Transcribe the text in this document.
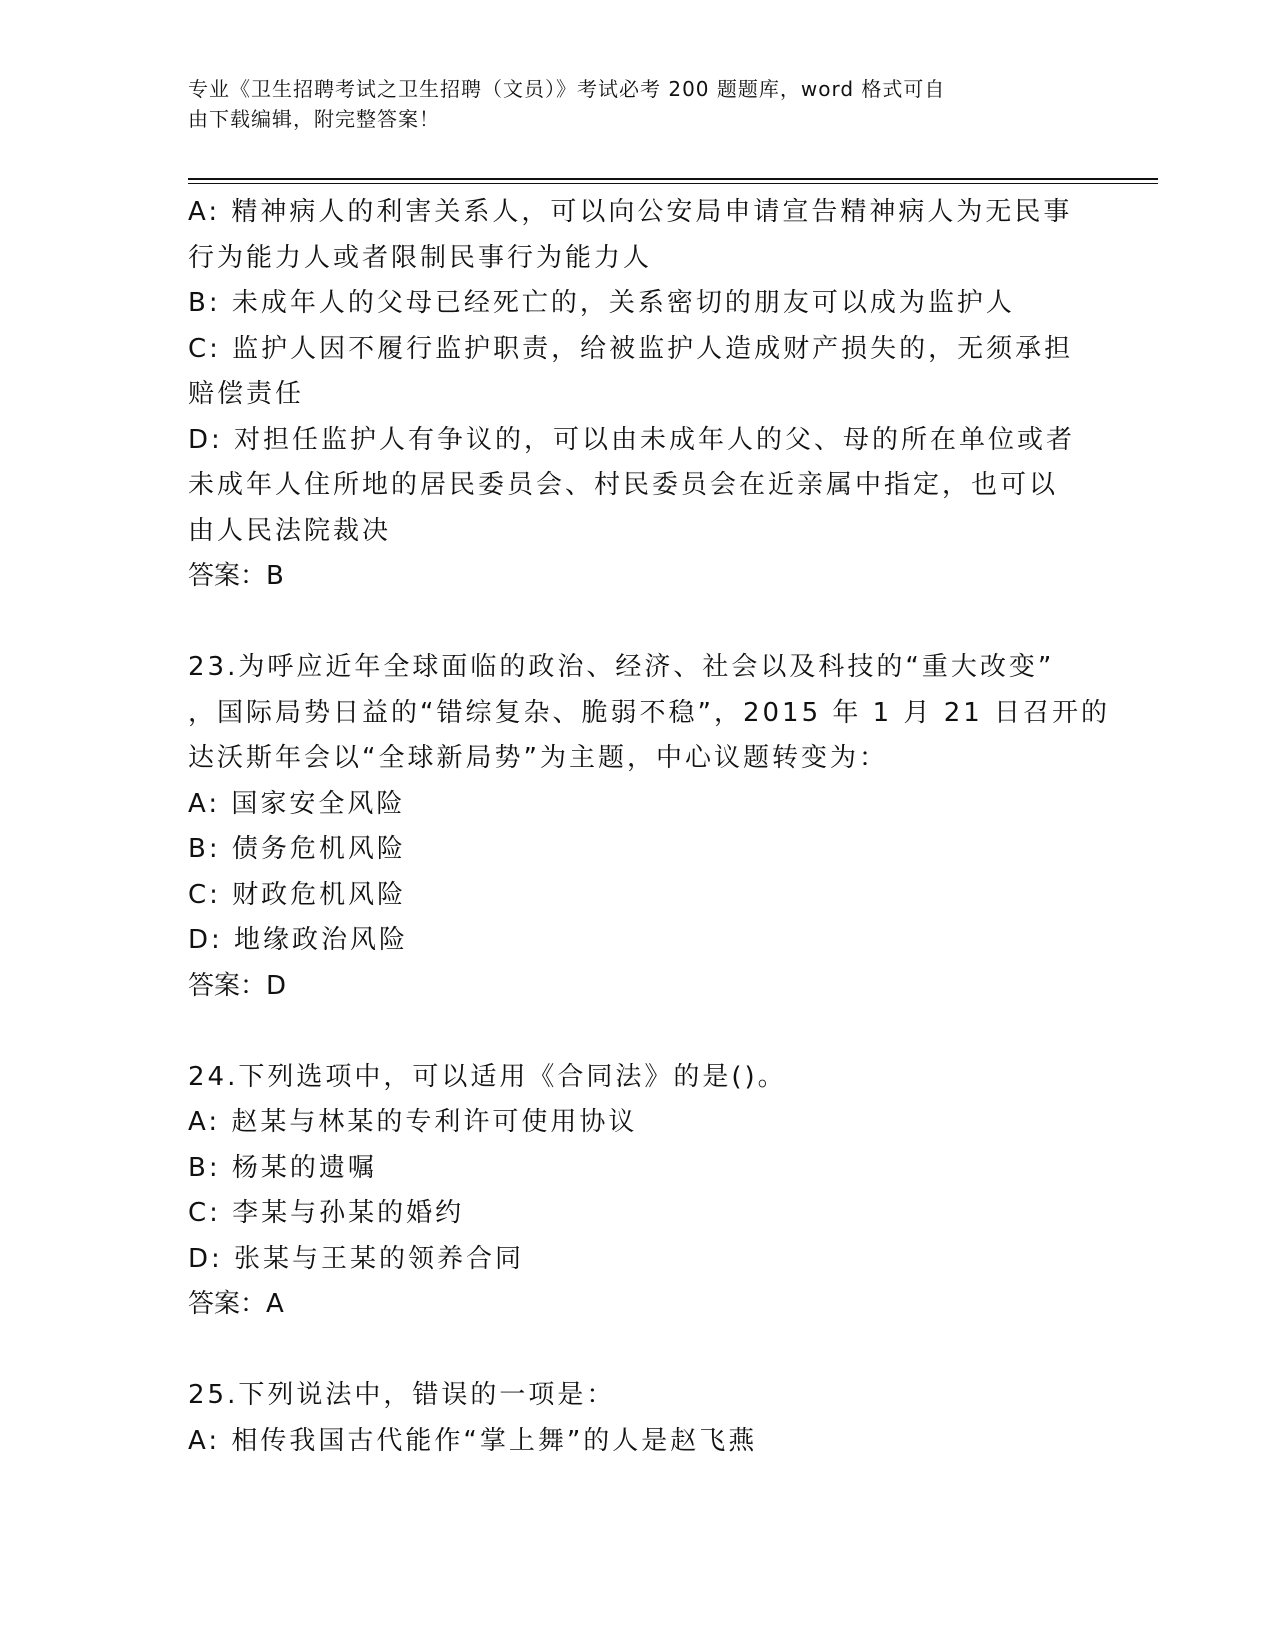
专业《卫生招聘考试之卫生招聘（文员）》考试必考 200 题题库，word 格式可自
由下载编辑，附完整答案！
A: 精神病人的利害关系人，可以向公安局申请宣告精神病人为无民事
行为能力人或者限制民事行为能力人
B: 未成年人的父母已经死亡的，关系密切的朋友可以成为监护人
C: 监护人因不履行监护职责，给被监护人造成财产损失的，无须承担
赔偿责任
D: 对担任监护人有争议的，可以由未成年人的父、母的所在单位或者
未成年人住所地的居民委员会、村民委员会在近亲属中指定，也可以
由人民法院裁决
答案：B
23.为呼应近年全球面临的政治、经济、社会以及科技的“重大改变”
，国际局势日益的“错综复杂、脆弱不稳”，2015 年 1 月 21 日召开的
达沃斯年会以“全球新局势”为主题，中心议题转变为：
A: 国家安全风险
B: 债务危机风险
C: 财政危机风险
D: 地缘政治风险
答案：D
24.下列选项中，可以适用《合同法》的是()。
A: 赵某与林某的专利许可使用协议
B: 杨某的遗嘱
C: 李某与孙某的婚约
D: 张某与王某的领养合同
答案：A
25.下列说法中，错误的一项是：
A: 相传我国古代能作“掌上舞”的人是赵飞燕
